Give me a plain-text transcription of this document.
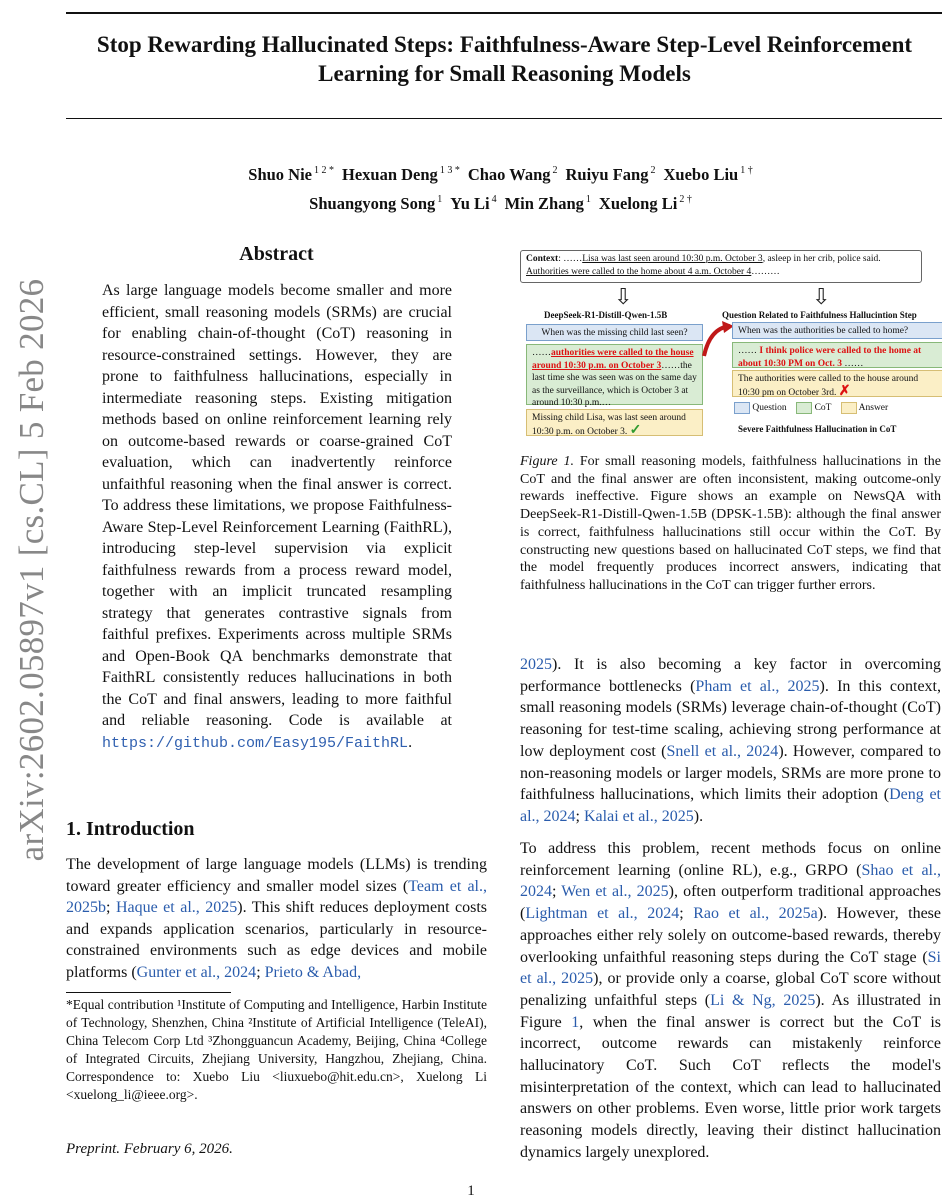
Stop Rewarding Hallucinated Steps: Faithfulness-Aware Step-Level Reinforcement Learning for Small Reasoning Models
Shuo Nie $^{1 2 *}$ Hexuan Deng $^{1 3 *}$ Chao Wang $^2$ Ruiyu Fang $^2$ Xuebo Liu $^{1 \dagger}$
Shuangyong Song $^1$ Yu Li $^4$ Min Zhang $^1$ Xuelong Li $^{2 \dagger}$
arXiv:2602.05897v1 [cs.CL] 5 Feb 2026
Abstract
As large language models become smaller and more efficient, small reasoning models (SRMs) are crucial for enabling chain-of-thought (CoT) reasoning in resource-constrained settings. However, they are prone to faithfulness hallucinations, especially in intermediate reasoning steps. Existing mitigation methods based on online reinforcement learning rely on outcome-based rewards or coarse-grained CoT evaluation, which can inadvertently reinforce unfaithful reasoning when the final answer is correct. To address these limitations, we propose Faithfulness-Aware Step-Level Reinforcement Learning (FaithRL), introducing step-level supervision via explicit faithfulness rewards from a process reward model, together with an implicit truncated resampling strategy that generates contrastive signals from faithful prefixes. Experiments across multiple SRMs and Open-Book QA benchmarks demonstrate that FaithRL consistently reduces hallucinations in both the CoT and final answers, leading to more faithful and reliable reasoning. Code is available at https://github.com/Easy195/FaithRL.
1. Introduction
The development of large language models (LLMs) is trending toward greater efficiency and smaller model sizes (Team et al., 2025b; Haque et al., 2025). This shift reduces deployment costs and expands application scenarios, particularly in resource-constrained environments such as edge devices and mobile platforms (Gunter et al., 2024; Prieto & Abad,
*Equal contribution ¹Institute of Computing and Intelligence, Harbin Institute of Technology, Shenzhen, China ²Institute of Artificial Intelligence (TeleAI), China Telecom Corp Ltd ³Zhongguancun Academy, Beijing, China ⁴College of Integrated Circuits, Zhejiang University, Hangzhou, Zhejiang, China. Correspondence to: Xuebo Liu <liuxuebo@hit.edu.cn>, Xuelong Li <xuelong_li@ieee.org>.
Preprint. February 6, 2026.
Context: ……Lisa was last seen around 10:30 p.m. October 3, asleep in her crib, police said. Authorities were called to the home about 4 a.m. October 4………
⇩	⇩
DeepSeek-R1-Distill-Qwen-1.5B	Question Related to Faithfulness Hallucintion Step
When was the missing child last seen?
……authorities were called to the house around 10:30 p.m. on October 3……the last time she was seen was on the same day as the surveillance, which is October 3 at around 10:30 p.m.…
Missing child Lisa, was last seen around 10:30 p.m. on October 3. ✓
When was the authorities be called to home?
…… I think police were called to the home at about 10:30 PM on Oct. 3 ……
The authorities were called to the house around 10:30 pm on October 3rd. ✗
Question	CoT	Answer
Severe Faithfulness Hallucination in CoT
Figure 1. For small reasoning models, faithfulness hallucinations in the CoT and the final answer are often inconsistent, making outcome-only rewards ineffective. Figure shows an example on NewsQA with DeepSeek-R1-Distill-Qwen-1.5B (DPSK-1.5B): although the final answer is correct, faithfulness hallucinations still occur within the CoT. By constructing new questions based on hallucinated CoT steps, we find that the model frequently produces incorrect answers, indicating that faithfulness hallucinations in the CoT can trigger further errors.
2025). It is also becoming a key factor in overcoming performance bottlenecks (Pham et al., 2025). In this context, small reasoning models (SRMs) leverage chain-of-thought (CoT) reasoning for test-time scaling, achieving strong performance at low deployment cost (Snell et al., 2024). However, compared to non-reasoning models or larger models, SRMs are more prone to faithfulness hallucinations, which limits their adoption (Deng et al., 2024; Kalai et al., 2025).
To address this problem, recent methods focus on online reinforcement learning (online RL), e.g., GRPO (Shao et al., 2024; Wen et al., 2025), often outperform traditional approaches (Lightman et al., 2024; Rao et al., 2025a). However, these approaches either rely solely on outcome-based rewards, thereby overlooking unfaithful reasoning steps during the CoT stage (Si et al., 2025), or provide only a coarse, global CoT score without penalizing unfaithful steps (Li & Ng, 2025). As illustrated in Figure 1, when the final answer is correct but the CoT is incorrect, outcome rewards can mistakenly reinforce hallucinatory CoT. Such CoT reflects the model's misinterpretation of the context, which can lead to hallucinated answers on other problems. Even worse, little prior work targets reasoning models directly, leaving their distinct hallucination dynamics largely unexplored.
1
